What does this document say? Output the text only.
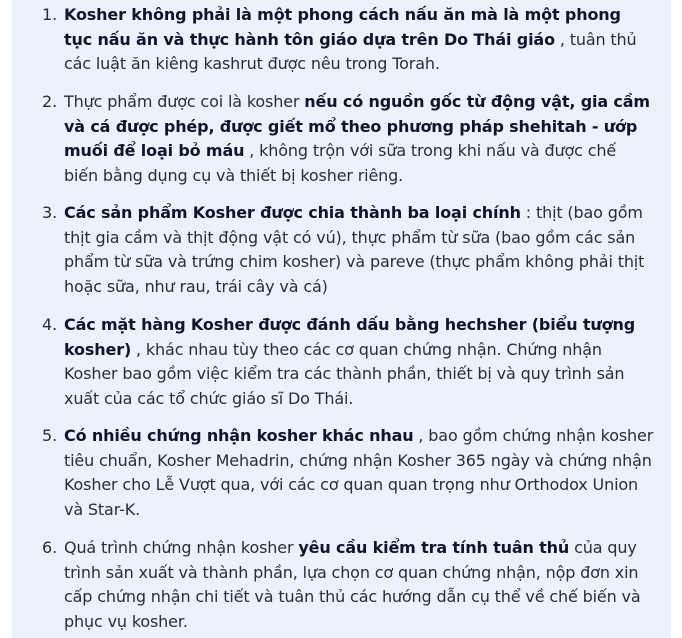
1. Kosher không phải là một phong cách nấu ăn mà là một phong tục nấu ăn và thực hành tôn giáo dựa trên Do Thái giáo , tuân thủ các luật ăn kiêng kashrut được nêu trong Torah.
2. Thực phẩm được coi là kosher nếu có nguồn gốc từ động vật, gia cầm và cá được phép, được giết mổ theo phương pháp shehitah - ướp muối để loại bỏ máu , không trộn với sữa trong khi nấu và được chế biến bằng dụng cụ và thiết bị kosher riêng.
3. Các sản phẩm Kosher được chia thành ba loại chính : thịt (bao gồm thịt gia cầm và thịt động vật có vú), thực phẩm từ sữa (bao gồm các sản phẩm từ sữa và trứng chim kosher) và pareve (thực phẩm không phải thịt hoặc sữa, như rau, trái cây và cá)
4. Các mặt hàng Kosher được đánh dấu bằng hechsher (biểu tượng kosher) , khác nhau tùy theo các cơ quan chứng nhận. Chứng nhận Kosher bao gồm việc kiểm tra các thành phần, thiết bị và quy trình sản xuất của các tổ chức giáo sĩ Do Thái.
5. Có nhiều chứng nhận kosher khác nhau , bao gồm chứng nhận kosher tiêu chuẩn, Kosher Mehadrin, chứng nhận Kosher 365 ngày và chứng nhận Kosher cho Lễ Vượt qua, với các cơ quan quan trọng như Orthodox Union và Star-K.
6. Quá trình chứng nhận kosher yêu cầu kiểm tra tính tuân thủ của quy trình sản xuất và thành phần, lựa chọn cơ quan chứng nhận, nộp đơn xin cấp chứng nhận chi tiết và tuân thủ các hướng dẫn cụ thể về chế biến và phục vụ kosher.
